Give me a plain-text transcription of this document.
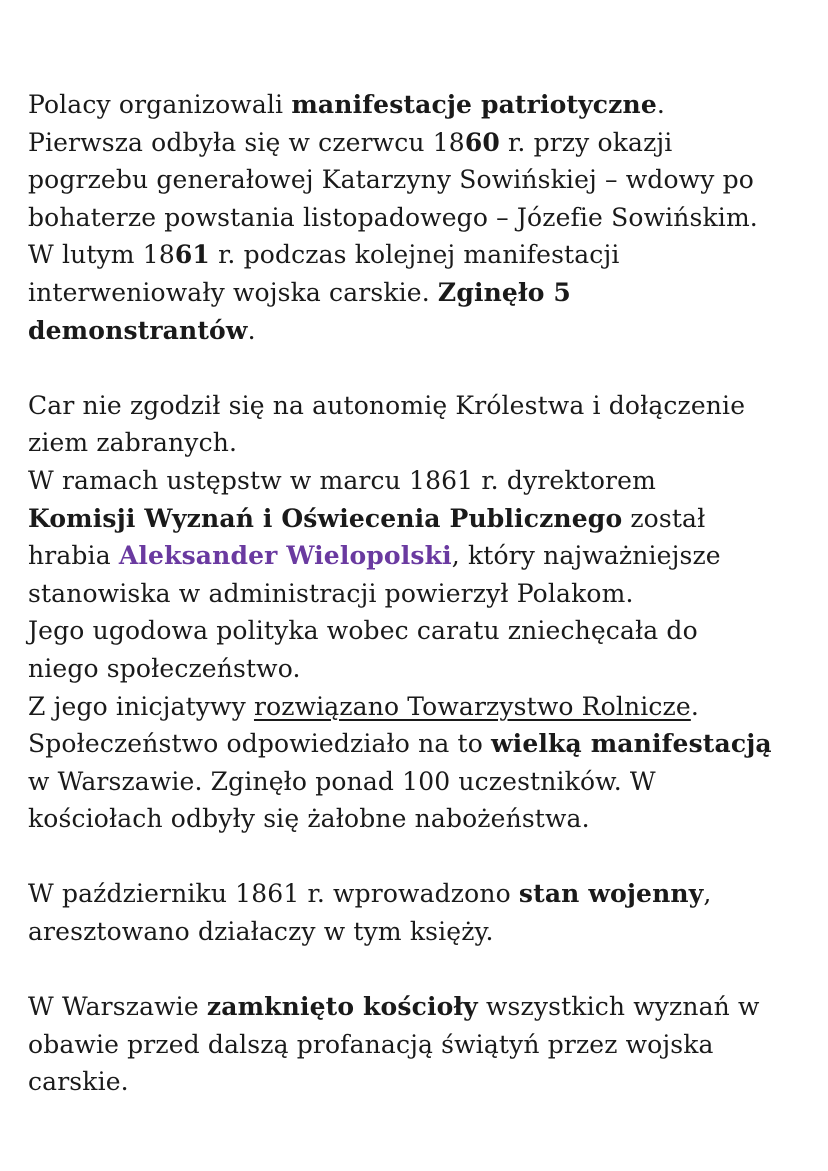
Polacy organizowali manifestacje patriotyczne.
Pierwsza odbyła się w czerwcu 1860 r. przy okazji
pogrzebu generałowej Katarzyny Sowińskiej – wdowy po
bohaterze powstania listopadowego – Józefie Sowińskim.
W lutym 1861 r. podczas kolejnej manifestacji
interweniowały wojska carskie. Zginęło 5
demonstrantów.
Car nie zgodził się na autonomię Królestwa i dołączenie
ziem zabranych.
W ramach ustępstw w marcu 1861 r. dyrektorem
Komisji Wyznań i Oświecenia Publicznego został
hrabia Aleksander Wielopolski, który najważniejsze
stanowiska w administracji powierzył Polakom.
Jego ugodowa polityka wobec caratu zniechęcała do
niego społeczeństwo.
Z jego inicjatywy rozwiązano Towarzystwo Rolnicze.
Społeczeństwo odpowiedziało na to wielką manifestacją
w Warszawie. Zginęło ponad 100 uczestników. W
kościołach odbyły się żałobne nabożeństwa.
W październiku 1861 r. wprowadzono stan wojenny,
aresztowano działaczy w tym księży.
W Warszawie zamknięto kościoły wszystkich wyznań w
obawie przed dalszą profanacją świątyń przez wojska
carskie.
